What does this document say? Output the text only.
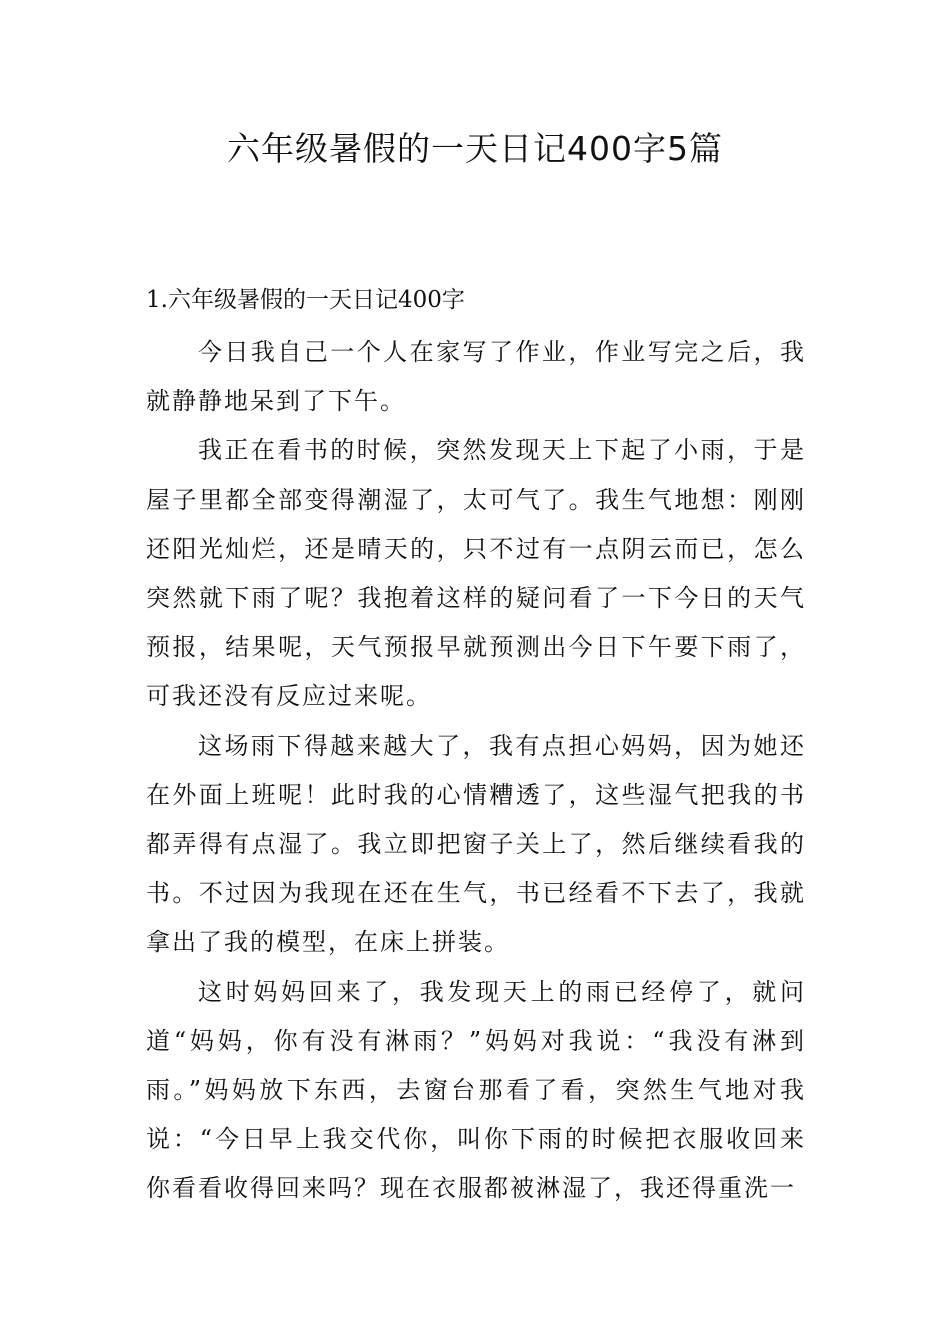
六年级暑假的一天日记400字5篇
1.六年级暑假的一天日记400字

今日我自己一个人在家写了作业，作业写完之后，我就静静地呆到了下午。

我正在看书的时候，突然发现天上下起了小雨，于是屋子里都全部变得潮湿了，太可气了。我生气地想：刚刚还阳光灿烂，还是晴天的，只不过有一点阴云而已，怎么突然就下雨了呢？我抱着这样的疑问看了一下今日的天气预报，结果呢，天气预报早就预测出今日下午要下雨了，可我还没有反应过来呢。

这场雨下得越来越大了，我有点担心妈妈，因为她还在外面上班呢！此时我的心情糟透了，这些湿气把我的书都弄得有点湿了。我立即把窗子关上了，然后继续看我的书。不过因为我现在还在生气，书已经看不下去了，我就拿出了我的模型，在床上拼装。

这时妈妈回来了，我发现天上的雨已经停了，就问道“妈妈，你有没有淋雨？”妈妈对我说：“我没有淋到雨。”妈妈放下东西，去窗台那看了看，突然生气地对我说：“今日早上我交代你，叫你下雨的时候把衣服收回来你看看收得回来吗？现在衣服都被淋湿了，我还得重洗一
